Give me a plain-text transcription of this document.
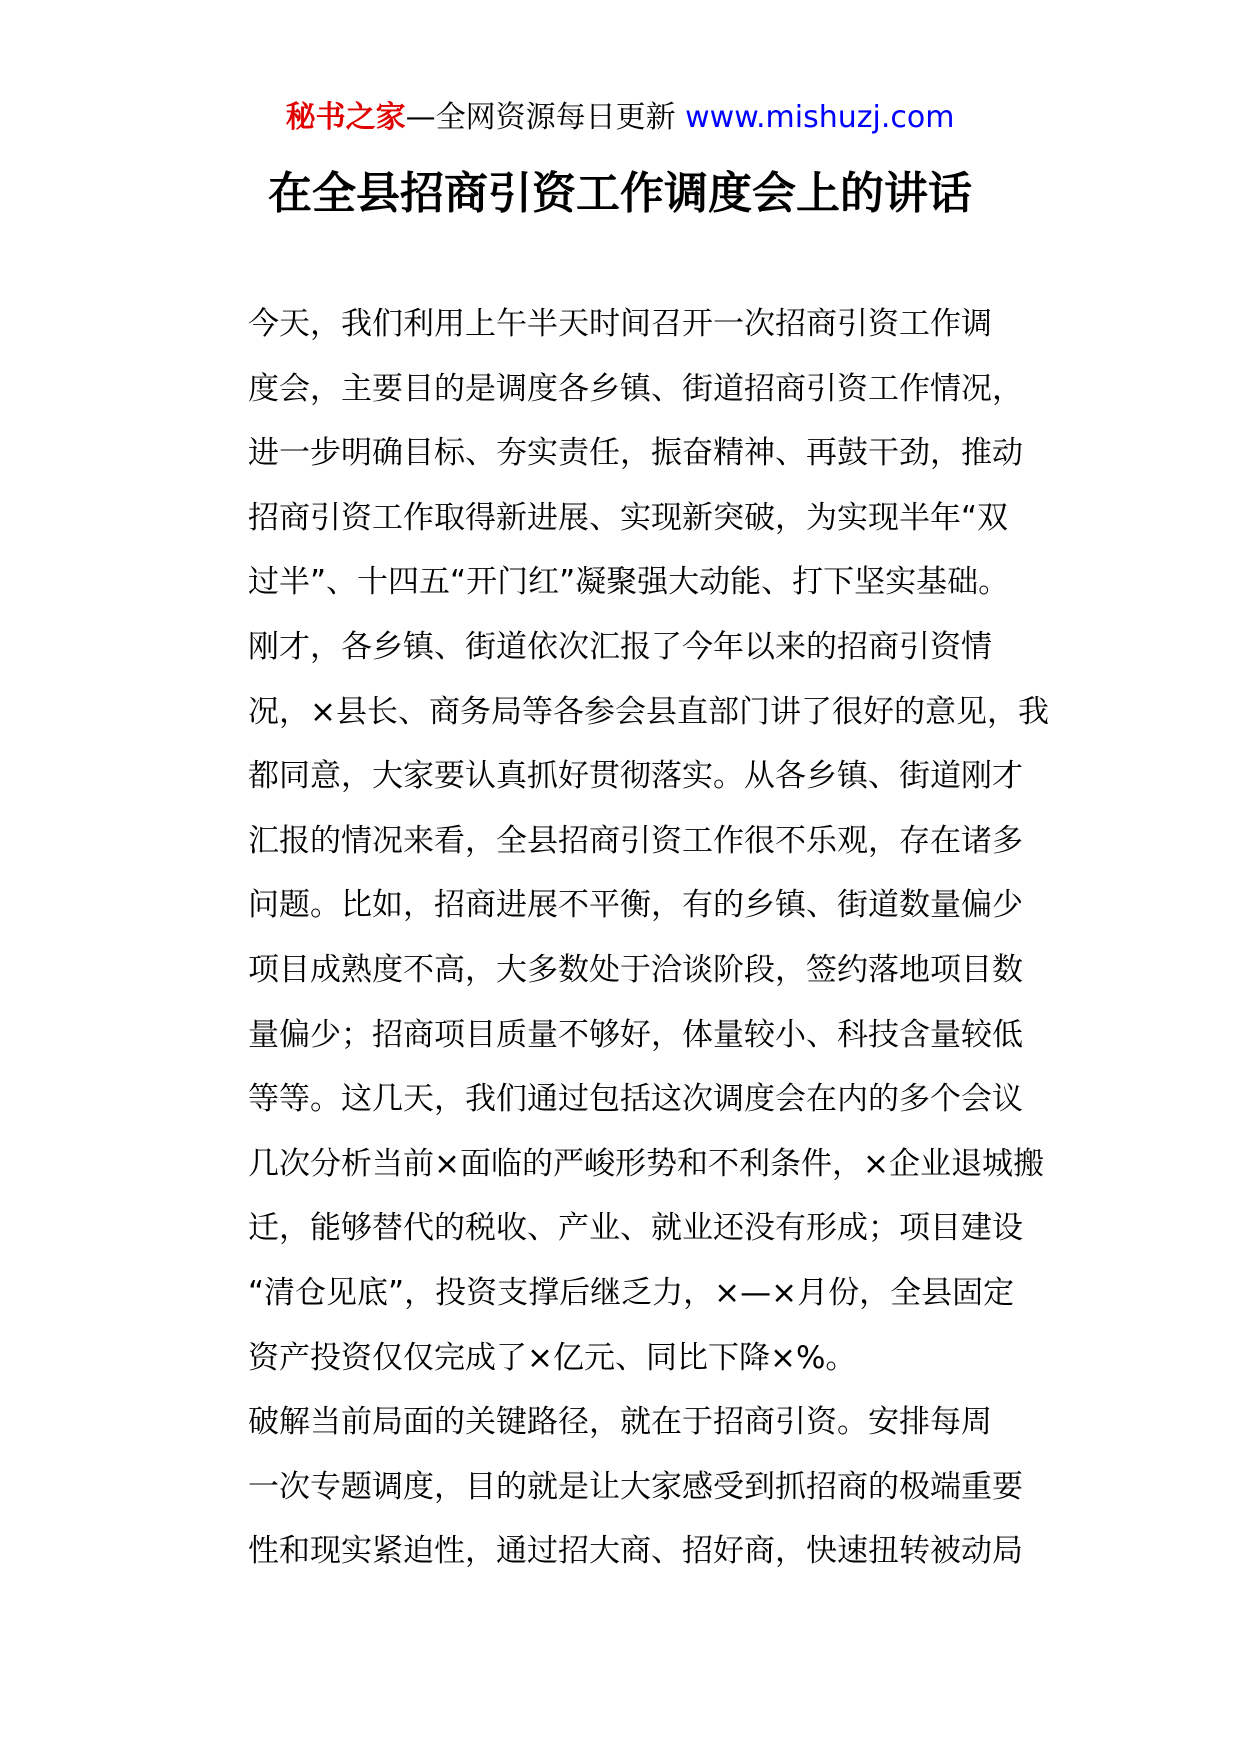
秘书之家—全网资源每日更新 www.mishuzj.com
在全县招商引资工作调度会上的讲话

今天，我们利用上午半天时间召开一次招商引资工作调
度会，主要目的是调度各乡镇、街道招商引资工作情况，
进一步明确目标、夯实责任，振奋精神、再鼓干劲，推动
招商引资工作取得新进展、实现新突破，为实现半年“双
过半”、十四五“开门红”凝聚强大动能、打下坚实基础。

刚才，各乡镇、街道依次汇报了今年以来的招商引资情
况，×县长、商务局等各参会县直部门讲了很好的意见，我
都同意，大家要认真抓好贯彻落实。从各乡镇、街道刚才
汇报的情况来看，全县招商引资工作很不乐观，存在诸多
问题。比如，招商进展不平衡，有的乡镇、街道数量偏少
项目成熟度不高，大多数处于洽谈阶段，签约落地项目数
量偏少；招商项目质量不够好，体量较小、科技含量较低
等等。这几天，我们通过包括这次调度会在内的多个会议
几次分析当前×面临的严峻形势和不利条件，×企业退城搬
迁，能够替代的税收、产业、就业还没有形成；项目建设
“清仓见底”，投资支撑后继乏力，×—×月份，全县固定
资产投资仅仅完成了×亿元、同比下降×%。

破解当前局面的关键路径，就在于招商引资。安排每周
一次专题调度，目的就是让大家感受到抓招商的极端重要
性和现实紧迫性，通过招大商、招好商，快速扭转被动局
